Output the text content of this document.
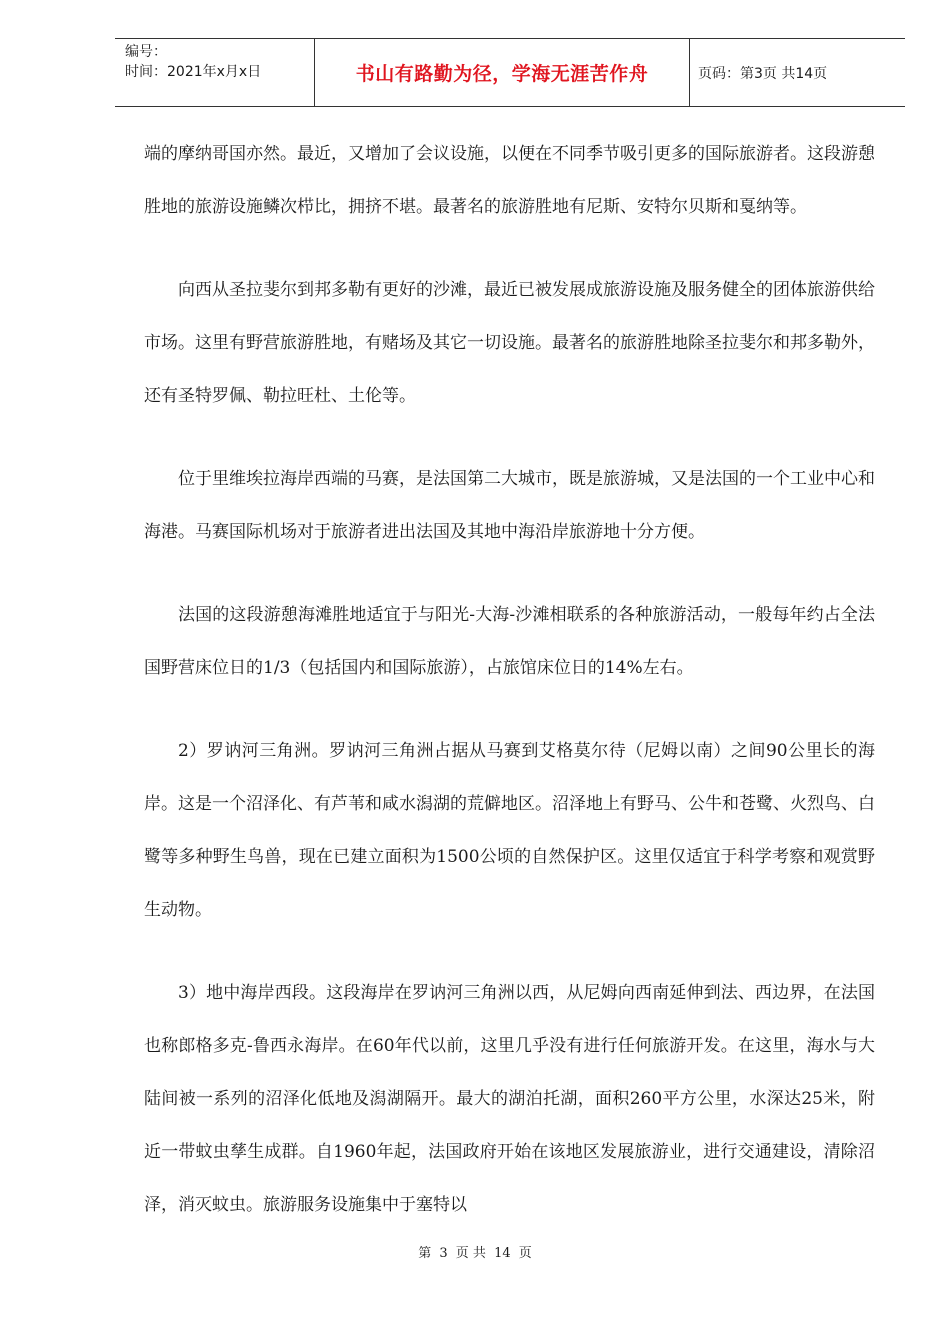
编号：
时间：2021年x月x日	书山有路勤为径，学海无涯苦作舟	页码：第3页 共14页

端的摩纳哥国亦然。最近，又增加了会议设施，以便在不同季节吸引更多的国际旅游者。这段游憩胜地的旅游设施鳞次栉比，拥挤不堪。最著名的旅游胜地有尼斯、安特尔贝斯和戛纳等。

向西从圣拉斐尔到邦多勒有更好的沙滩，最近已被发展成旅游设施及服务健全的团体旅游供给市场。这里有野营旅游胜地，有赌场及其它一切设施。最著名的旅游胜地除圣拉斐尔和邦多勒外，还有圣特罗佩、勒拉旺杜、土伦等。

位于里维埃拉海岸西端的马赛，是法国第二大城市，既是旅游城，又是法国的一个工业中心和海港。马赛国际机场对于旅游者进出法国及其地中海沿岸旅游地十分方便。

法国的这段游憩海滩胜地适宜于与阳光-大海-沙滩相联系的各种旅游活动，一般每年约占全法国野营床位日的1/3（包括国内和国际旅游），占旅馆床位日的14%左右。

2）罗讷河三角洲。罗讷河三角洲占据从马赛到艾格莫尔待（尼姆以南）之间90公里长的海岸。这是一个沼泽化、有芦苇和咸水潟湖的荒僻地区。沼泽地上有野马、公牛和苍鹭、火烈鸟、白鹭等多种野生鸟兽，现在已建立面积为1500公顷的自然保护区。这里仅适宜于科学考察和观赏野生动物。

3）地中海岸西段。这段海岸在罗讷河三角洲以西，从尼姆向西南延伸到法、西边界，在法国也称郎格多克-鲁西永海岸。在60年代以前，这里几乎没有进行任何旅游开发。在这里，海水与大陆间被一系列的沼泽化低地及潟湖隔开。最大的湖泊托湖，面积260平方公里，水深达25米，附近一带蚊虫孳生成群。自1960年起，法国政府开始在该地区发展旅游业，进行交通建设，清除沼泽，消灭蚊虫。旅游服务设施集中于塞特以

第 3 页 共 14 页
